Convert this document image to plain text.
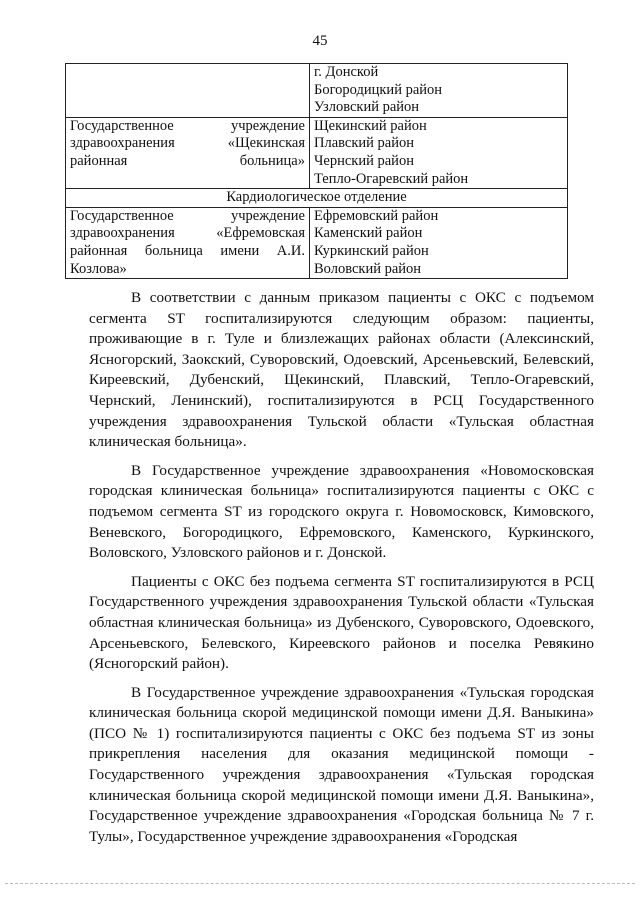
45

	г. Донской
Богородицкий район
Узловский район

Государственное учреждение здравоохранения «Щекинская районная больница»	Щекинский район
Плавский район
Чернский район
Тепло-Огаревский район

Кардиологическое отделение	
Государственное учреждение здравоохранения «Ефремовская районная больница имени А.И. Козлова»	Ефремовский район
Каменский район
Куркинский район
Воловский район

В соответствии с данным приказом пациенты с ОКС с подъемом сегмента ST госпитализируются следующим образом: пациенты, проживающие в г. Туле и близлежащих районах области (Алексинский, Ясногорский, Заокский, Суворовский, Одоевский, Арсеньевский, Белевский, Киреевский, Дубенский, Щекинский, Плавский, Тепло-Огаревский, Чернский, Ленинский), госпитализируются в РСЦ Государственного учреждения здравоохранения Тульской области «Тульская областная клиническая больница».

В Государственное учреждение здравоохранения «Новомосковская городская клиническая больница» госпитализируются пациенты с ОКС с подъемом сегмента ST из городского округа г. Новомосковск, Кимовского, Веневского, Богородицкого, Ефремовского, Каменского, Куркинского, Воловского, Узловского районов и г. Донской.

Пациенты с ОКС без подъема сегмента ST госпитализируются в РСЦ Государственного учреждения здравоохранения Тульской области «Тульская областная клиническая больница» из Дубенского, Суворовского, Одоевского, Арсеньевского, Белевского, Киреевского районов и поселка Ревякино (Ясногорский район).

В Государственное учреждение здравоохранения «Тульская городская клиническая больница скорой медицинской помощи имени Д.Я. Ваныкина» (ПСО № 1) госпитализируются пациенты с ОКС без подъема ST из зоны прикрепления населения для оказания медицинской помощи - Государственного учреждения здравоохранения «Тульская городская клиническая больница скорой медицинской помощи имени Д.Я. Ваныкина», Государственное учреждение здравоохранения «Городская больница № 7 г. Тулы», Государственное учреждение здравоохранения «Городская
